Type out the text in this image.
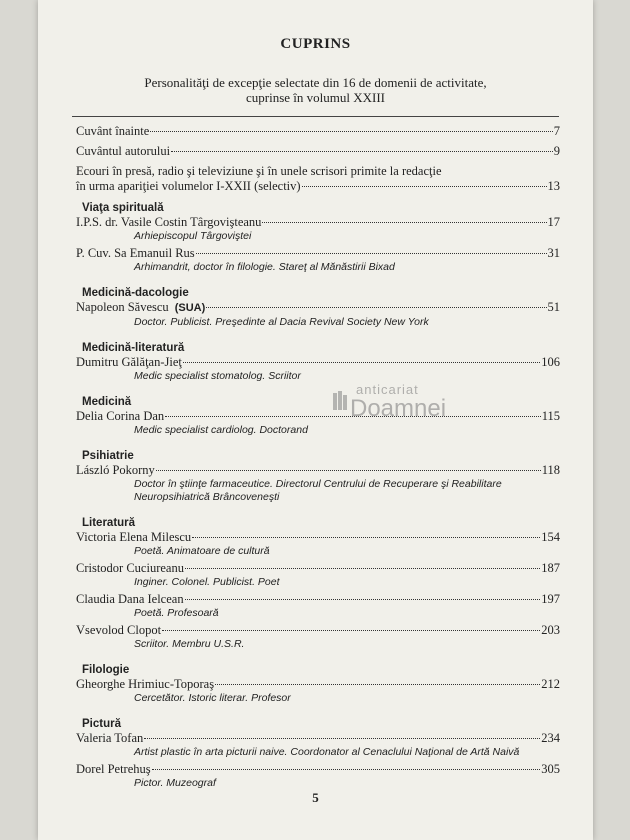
CUPRINS
Personalităţi de excepţie selectate din 16 de domenii de activitate,
cuprinse în volumul XXIII
Cuvânt înainte	7
Cuvântul autorului	9
Ecouri în presă, radio şi televiziune şi în unele scrisori primite la redacţie
în urma apariţiei volumelor I-XXII (selectiv)	13
Viaţa spirituală
I.P.S. dr. Vasile Costin Târgovişteanu	17
Arhiepiscopul Târgoviştei
P. Cuv. Sa Emanuil Rus	31
Arhimandrit, doctor în filologie. Stareţ al Mănăstirii Bixad
Medicină-dacologie
Napoleon Săvescu (SUA)	51
Doctor. Publicist. Preşedinte al Dacia Revival Society New York
Medicină-literatură
Dumitru Gălăţan-Jieţ	106
Medic specialist stomatolog. Scriitor
Medicină
Delia Corina Dan	115
Medic specialist cardiolog. Doctorand
Psihiatrie
László Pokorny	118
Doctor în ştiinţe farmaceutice. Directorul Centrului de Recuperare şi Reabilitare
Neuropsihiatrică Brâncoveneşti
Literatură
Victoria Elena Milescu	154
Poetă. Animatoare de cultură
Cristodor Cuciureanu	187
Inginer. Colonel. Publicist. Poet
Claudia Dana Ielcean	197
Poetă. Profesoară
Vsevolod Clopot	203
Scriitor. Membru U.S.R.
Filologie
Gheorghe Hrimiuc-Toporaş	212
Cercetător. Istoric literar. Profesor
Pictură
Valeria Tofan	234
Artist plastic în arta picturii naive. Coordonator al Cenaclului Naţional de Artă Naivă
Dorel Petrehuş	305
Pictor. Muzeograf
anticariat
Doamnei
5
